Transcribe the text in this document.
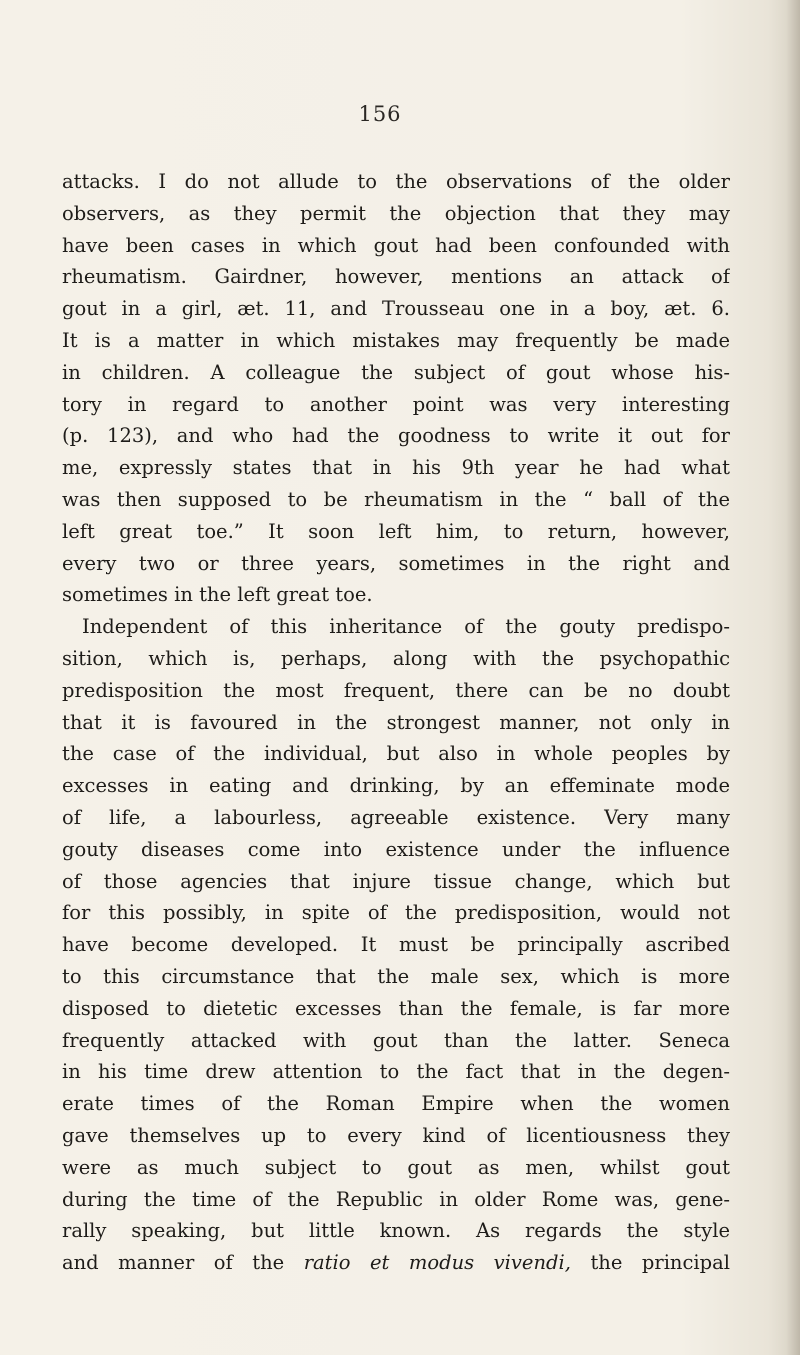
156
attacks. I do not allude to the observations of the older
observers, as they permit the objection that they may
have been cases in which gout had been confounded with
rheumatism. Gairdner, however, mentions an attack of
gout in a girl, æt. 11, and Trousseau one in a boy, æt. 6.
It is a matter in which mistakes may frequently be made
in children. A colleague the subject of gout whose his-
tory in regard to another point was very interesting
(p. 123), and who had the goodness to write it out for
me, expressly states that in his 9th year he had what
was then supposed to be rheumatism in the “ ball of the
left great toe.” It soon left him, to return, however,
every two or three years, sometimes in the right and
sometimes in the left great toe.
Independent of this inheritance of the gouty predispo-
sition, which is, perhaps, along with the psychopathic
predisposition the most frequent, there can be no doubt
that it is favoured in the strongest manner, not only in
the case of the individual, but also in whole peoples by
excesses in eating and drinking, by an effeminate mode
of life, a labourless, agreeable existence. Very many
gouty diseases come into existence under the influence
of those agencies that injure tissue change, which but
for this possibly, in spite of the predisposition, would not
have become developed. It must be principally ascribed
to this circumstance that the male sex, which is more
disposed to dietetic excesses than the female, is far more
frequently attacked with gout than the latter. Seneca
in his time drew attention to the fact that in the degen-
erate times of the Roman Empire when the women
gave themselves up to every kind of licentiousness they
were as much subject to gout as men, whilst gout
during the time of the Republic in older Rome was, gene-
rally speaking, but little known. As regards the style
and manner of the ratio et modus vivendi, the principal
